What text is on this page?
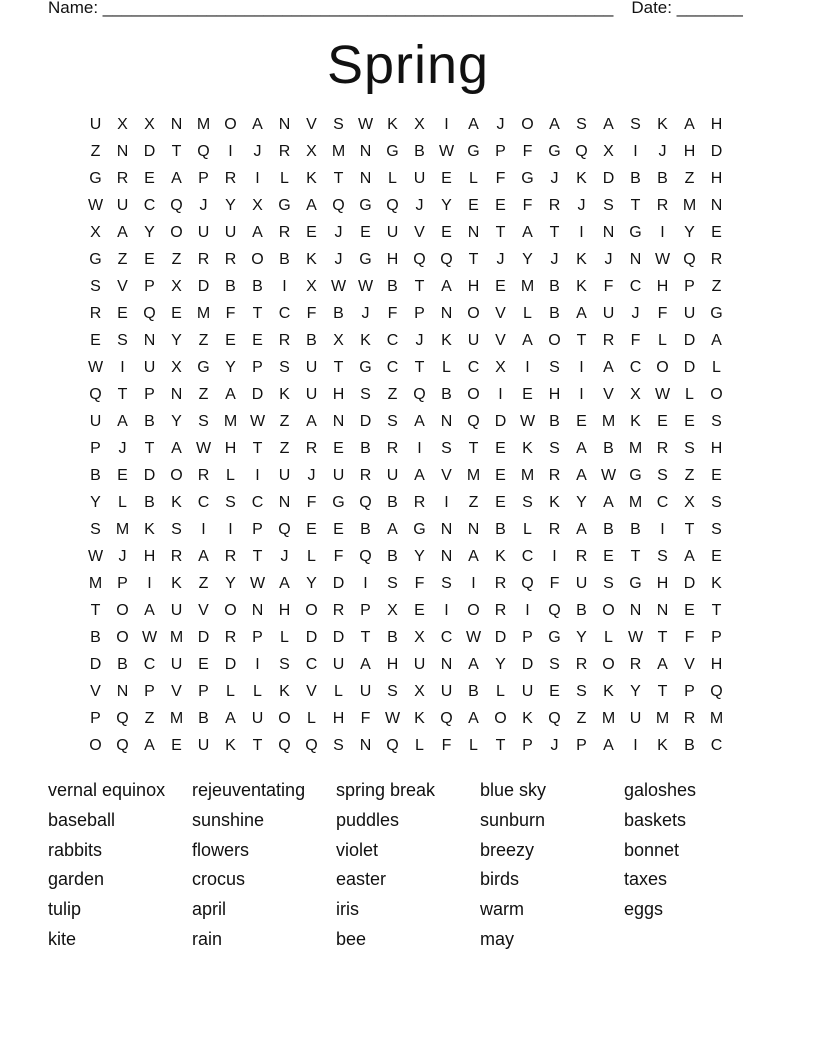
Name: ______________________________________________________ Date: _______
Spring
U X	X N M O A N V	S W K	X	I	A	J	O A	S	A	S	K	A H
Z	N D	T Q	I	J	R X M N G B W G P	F G Q X	I	J	H D
G R E	A	P R	I	L	K	T	N	L	U E	L	F G	J	K D B	B	Z	H
W U C Q	J	Y	X G A Q G Q	J	Y	E	E	F	R	J	S	T	R M N
X	A	Y O U U A R E	J	E U V	E N	T	A	T	I	N G	I	Y	E
G Z	E	Z	R R O B	K	J	G H Q Q T	J	Y	J	K	J	N W Q R
S	V	P	X D B	B	I	X W W B	T	A H E M B	K	F	C H P	Z
R E Q E M F	T	C	F	B	J	F	P N O V	L	B	A U	J	F	U G
E	S N Y	Z	E	E R B	X	K C	J	K U V	A O T	R	F	L	D A
W	I	U X G Y	P	S U	T G C	T	L	C X	I	S	I	A C O D	L
Q T	P N	Z	A D K U H S	Z Q B O	I	E H	I	V	X W L	O
U A	B	Y	S M W Z	A N D S	A N Q D W B	E M K	E	E	S
P	J	T	A W H	T	Z	R E	B R	I	S	T	E	K	S	A	B M R S H
B	E D O R	L	I	U	J	U R U A	V M E M R A W G S	Z	E
Y	L	B	K C S C N	F G Q B R	I	Z	E	S	K	Y	A M C X	S
S M K	S	I	I	P Q E	E	B	A G N N B	L	R A	B	B	I	T	S
W J	H R A R	T	J	L	F Q B	Y N A	K C	I	R E	T	S	A	E
M P	I	K	Z	Y W A	Y D	I	S	F	S	I	R Q F	U S G H D K
T O A U V O N H O R P	X	E	I	O R	I	Q B O N N E	T
B O W M D R P	L	D D	T	B	X C W D P G Y	L W T	F	P
D B C U E D	I	S C U A H U N A	Y D S R O R A	V H
V N P	V	P	L	L	K	V	L	U S	X U B	L	U E	S	K	Y	T	P Q
P Q Z M B	A U O	L	H	F W K Q A O K Q Z M U M R M
O Q A	E U K	T Q Q S N Q	L	F	L	T	P	J	P	A	I	K	B C
vernal equinox	rejeuventating	spring break	blue sky	galoshes
baseball	sunshine	puddles	sunburn	baskets
rabbits	flowers	violet	breezy	bonnet
garden	crocus	easter	birds	taxes
tulip	april	iris	warm	eggs
kite	rain	bee	may
